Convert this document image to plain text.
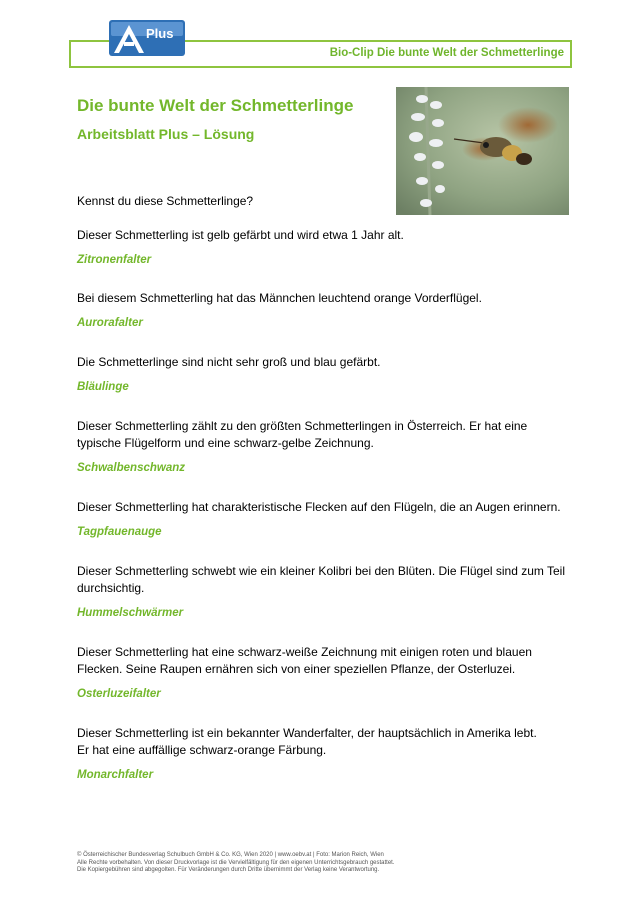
Bio-Clip Die bunte Welt der Schmetterlinge
Plus
Die bunte Welt der Schmetterlinge
Arbeitsblatt Plus – Lösung
Kennst du diese Schmetterlinge?

Dieser Schmetterling ist gelb gefärbt und wird etwa 1 Jahr alt.

Zitronenfalter

Bei diesem Schmetterling hat das Männchen leuchtend orange Vorderflügel.

Aurorafalter

Die Schmetterlinge sind nicht sehr groß und blau gefärbt.

Bläulinge

Dieser Schmetterling zählt zu den größten Schmetterlingen in Österreich. Er hat eine

typische Flügelform und eine schwarz-gelbe Zeichnung.

Schwalbenschwanz

Dieser Schmetterling hat charakteristische Flecken auf den Flügeln, die an Augen erinnern.

Tagpfauenauge

Dieser Schmetterling schwebt wie ein kleiner Kolibri bei den Blüten. Die Flügel sind zum Teil

durchsichtig.

Hummelschwärmer

Dieser Schmetterling hat eine schwarz-weiße Zeichnung mit einigen roten und blauen

Flecken. Seine Raupen ernähren sich von einer speziellen Pflanze, der Osterluzei.

Osterluzeifalter

Dieser Schmetterling ist ein bekannter Wanderfalter, der hauptsächlich in Amerika lebt.

Er hat eine auffällige schwarz-orange Färbung.

Monarchfalter

© Österreichischer Bundesverlag Schulbuch GmbH & Co. KG, Wien 2020 | www.oebv.at | Foto: Marion Reich, Wien
Alle Rechte vorbehalten. Von dieser Druckvorlage ist die Vervielfältigung für den eigenen Unterrichtsgebrauch gestattet.
Die Kopiergebühren sind abgegolten. Für Veränderungen durch Dritte übernimmt der Verlag keine Verantwortung.
